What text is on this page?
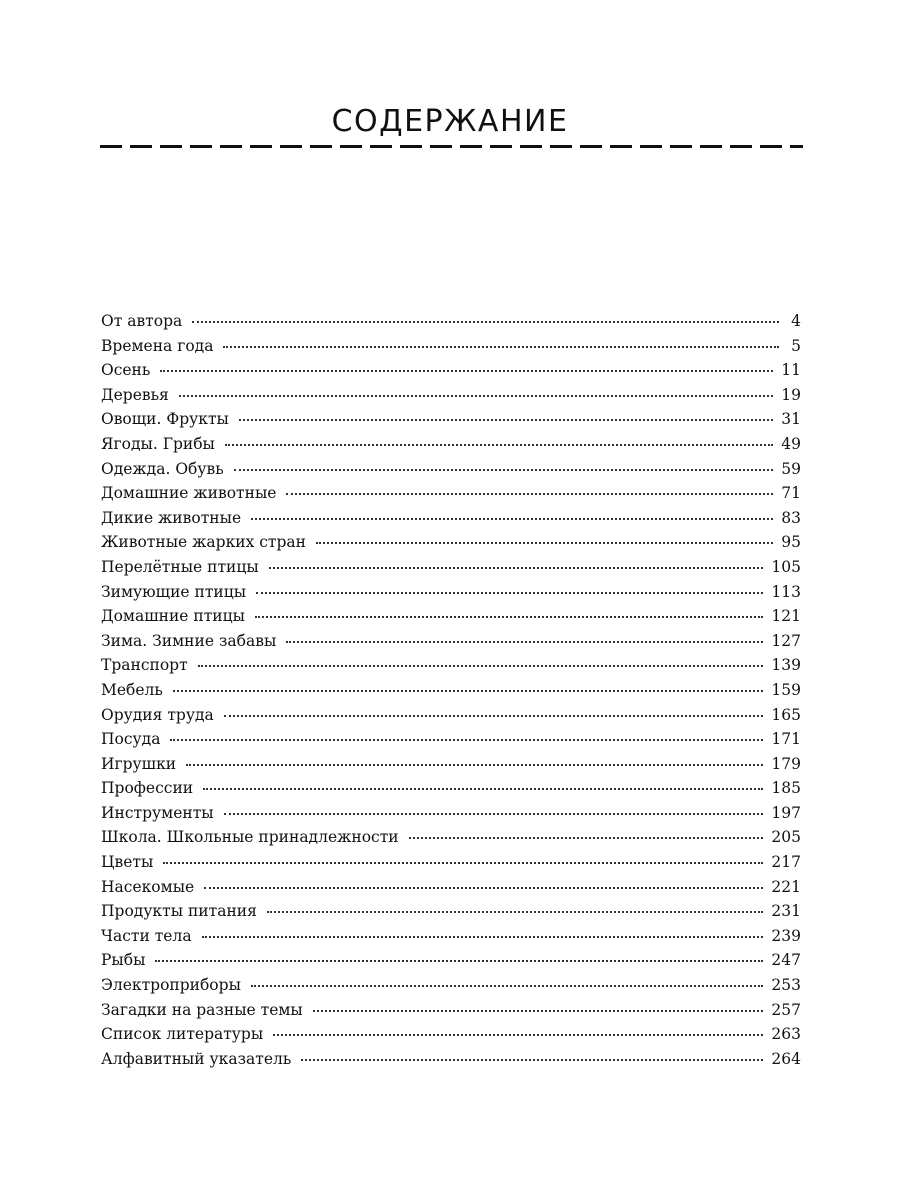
СОДЕРЖАНИЕ
От автора	4
Времена года	5
Осень	11
Деревья	19
Овощи. Фрукты	31
Ягоды. Грибы	49
Одежда. Обувь	59
Домашние животные	71
Дикие животные	83
Животные жарких стран	95
Перелётные птицы	105
Зимующие птицы	113
Домашние птицы	121
Зима. Зимние забавы	127
Транспорт	139
Мебель	159
Орудия труда	165
Посуда	171
Игрушки	179
Профессии	185
Инструменты	197
Школа. Школьные принадлежности	205
Цветы	217
Насекомые	221
Продукты питания	231
Части тела	239
Рыбы	247
Электроприборы	253
Загадки на разные темы	257
Список литературы	263
Алфавитный указатель	264
